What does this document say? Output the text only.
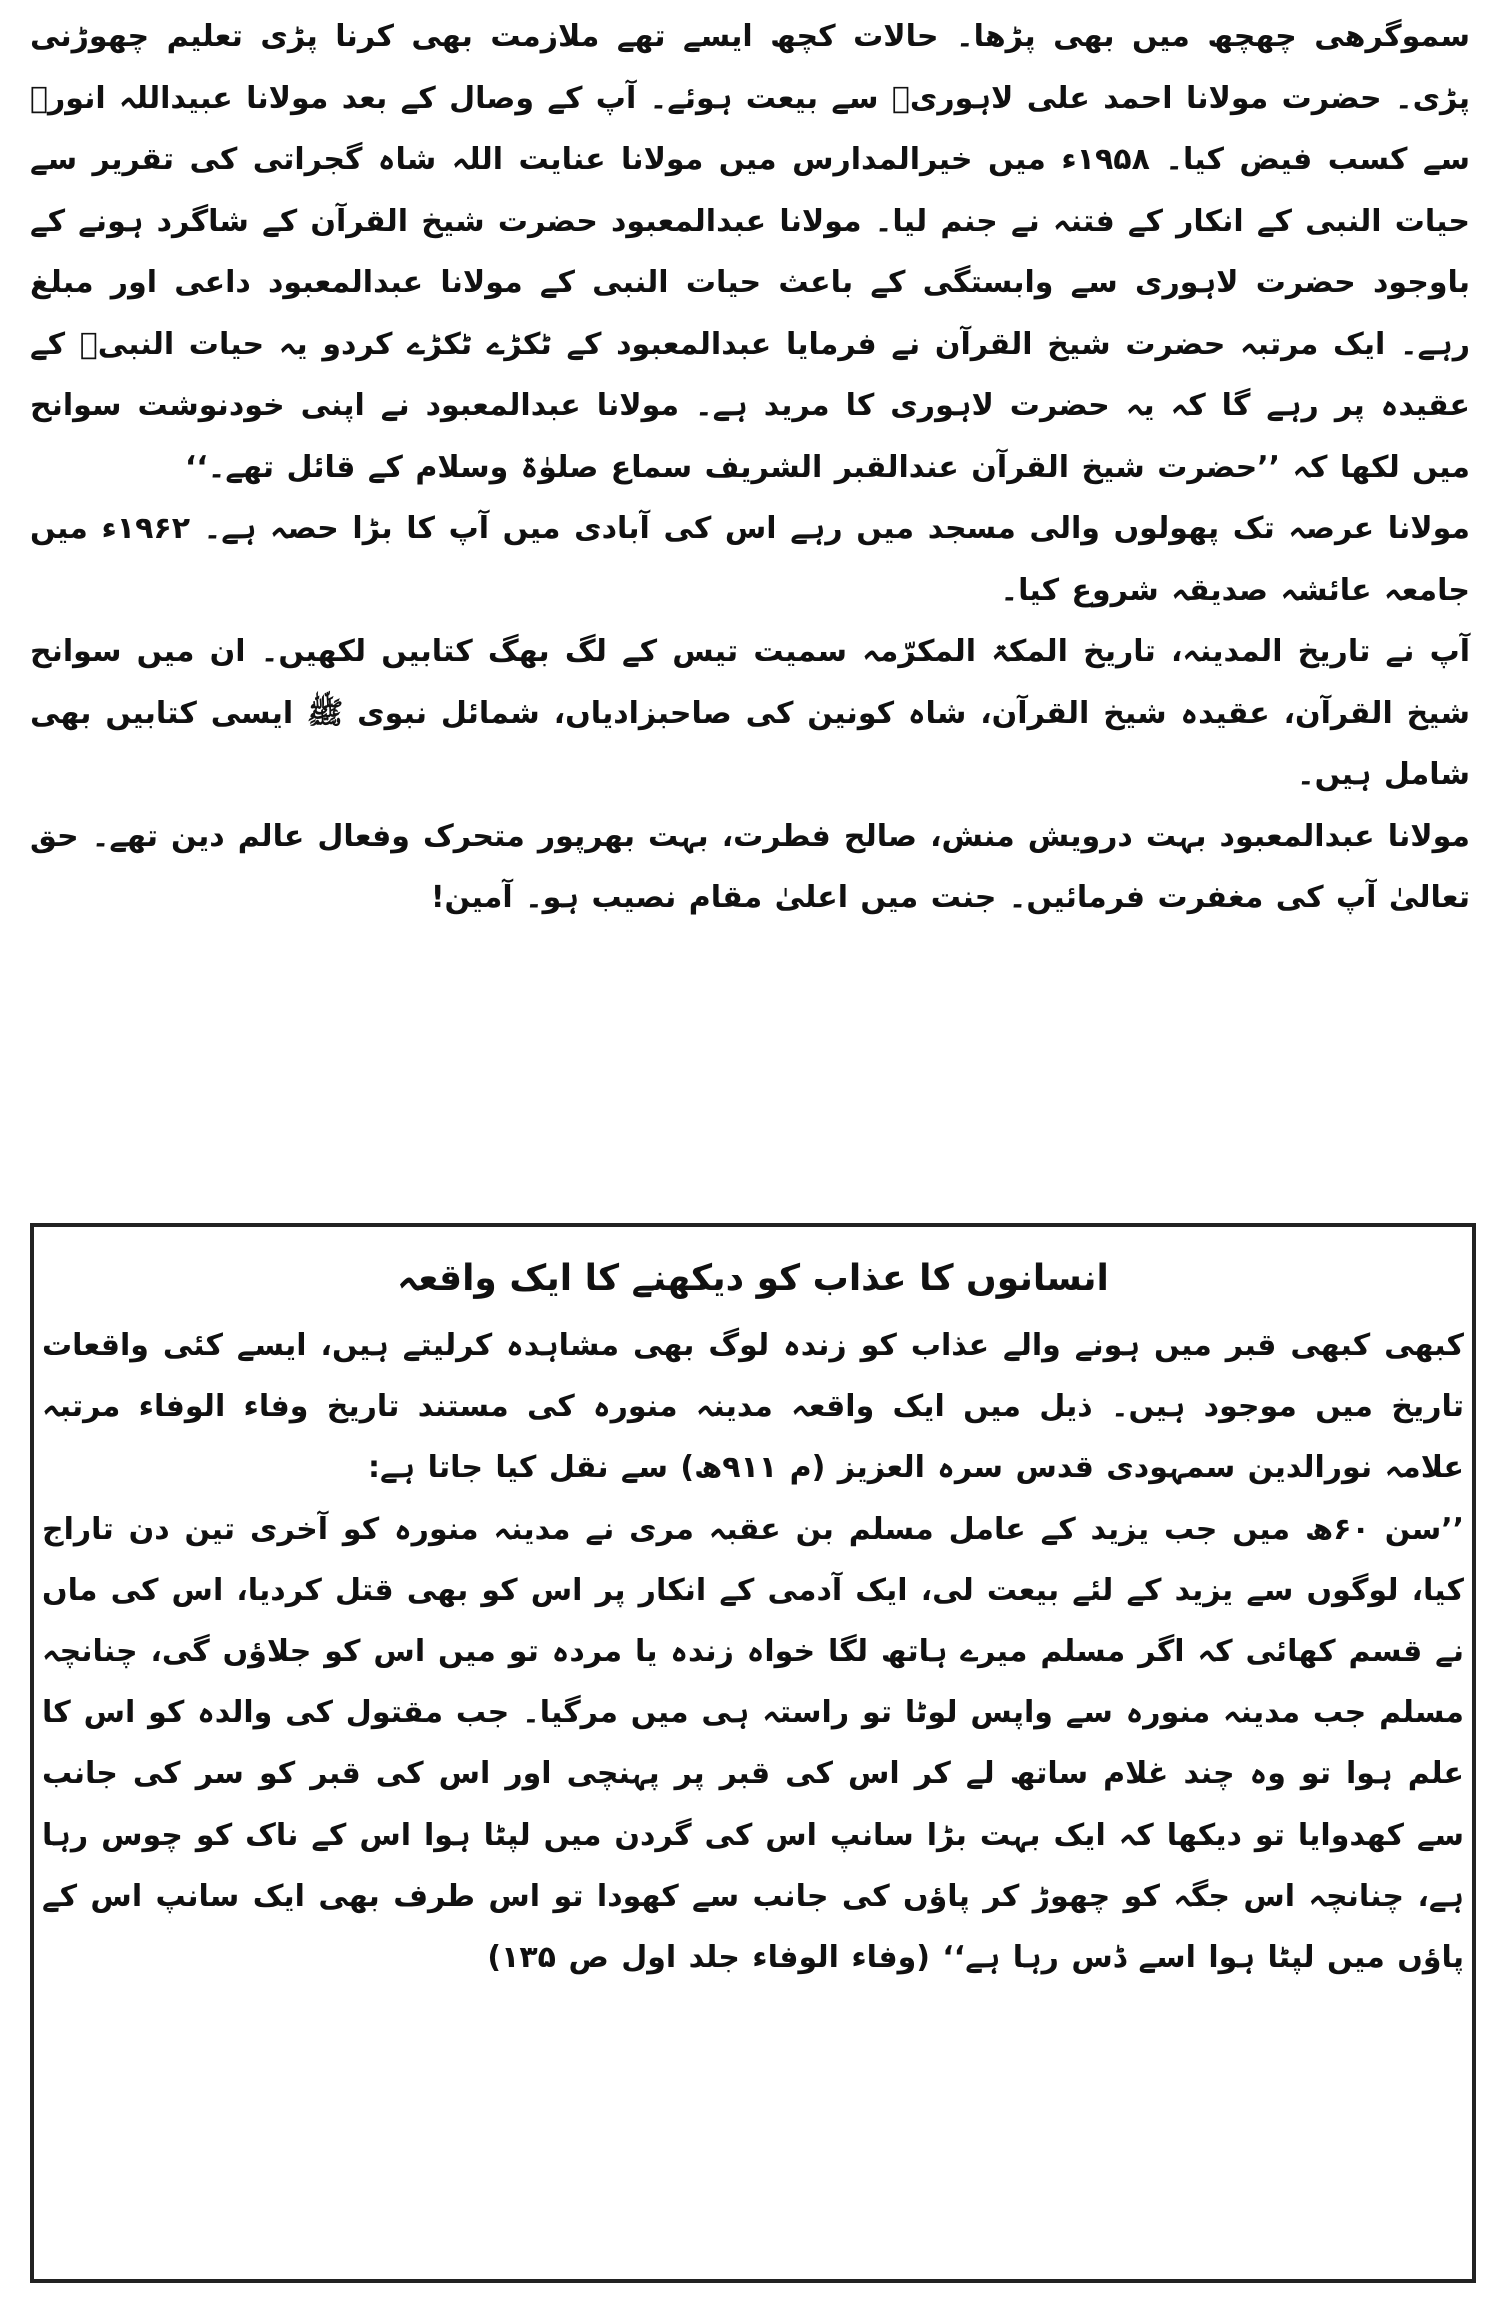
سموگرھی چھچھ میں بھی پڑھا۔ حالات کچھ ایسے تھے ملازمت بھی کرنا پڑی تعلیم چھوڑنی پڑی۔ حضرت مولانا احمد علی لاہوریؒ سے بیعت ہوئے۔ آپ کے وصال کے بعد مولانا عبیداللہ انورؒ سے کسب فیض کیا۔ ۱۹۵۸ء میں خیرالمدارس میں مولانا عنایت اللہ شاہ گجراتی کی تقریر سے حیات النبی کے انکار کے فتنہ نے جنم لیا۔ مولانا عبدالمعبود حضرت شیخ القرآن کے شاگرد ہونے کے باوجود حضرت لاہوری سے وابستگی کے باعث حیات النبی کے مولانا عبدالمعبود داعی اور مبلغ رہے۔ ایک مرتبہ حضرت شیخ القرآن نے فرمایا عبدالمعبود کے ٹکڑے ٹکڑے کردو یہ حیات النبیؐ کے عقیدہ پر رہے گا کہ یہ حضرت لاہوری کا مرید ہے۔ مولانا عبدالمعبود نے اپنی خودنوشت سوانح میں لکھا کہ ’’حضرت شیخ القرآن عندالقبر الشریف سماع صلوٰۃ وسلام کے قائل تھے۔‘‘

مولانا عرصہ تک پھولوں والی مسجد میں رہے اس کی آبادی میں آپ کا بڑا حصہ ہے۔ ۱۹۶۲ء میں جامعہ عائشہ صدیقہ شروع کیا۔

آپ نے تاریخ المدینہ، تاریخ المکۃ المکرّمہ سمیت تیس کے لگ بھگ کتابیں لکھیں۔ ان میں سوانح شیخ القرآن، عقیدہ شیخ القرآن، شاہ کونین کی صاحبزادیاں، شمائل نبوی ﷺ ایسی کتابیں بھی شامل ہیں۔

مولانا عبدالمعبود بہت درویش منش، صالح فطرت، بہت بھرپور متحرک وفعال عالم دین تھے۔ حق تعالیٰ آپ کی مغفرت فرمائیں۔ جنت میں اعلیٰ مقام نصیب ہو۔ آمین!

انسانوں کا عذاب کو دیکھنے کا ایک واقعہ

کبھی کبھی قبر میں ہونے والے عذاب کو زندہ لوگ بھی مشاہدہ کرلیتے ہیں، ایسے کئی واقعات تاریخ میں موجود ہیں۔ ذیل میں ایک واقعہ مدینہ منورہ کی مستند تاریخ وفاء الوفاء مرتبہ علامہ نورالدین سمہودی قدس سرہ العزیز (م ۹۱۱ھ) سے نقل کیا جاتا ہے:

’’سن ۶۰ھ میں جب یزید کے عامل مسلم بن عقبہ مری نے مدینہ منورہ کو آخری تین دن تاراج کیا، لوگوں سے یزید کے لئے بیعت لی، ایک آدمی کے انکار پر اس کو بھی قتل کردیا، اس کی ماں نے قسم کھائی کہ اگر مسلم میرے ہاتھ لگا خواہ زندہ یا مردہ تو میں اس کو جلاؤں گی، چنانچہ مسلم جب مدینہ منورہ سے واپس لوٹا تو راستہ ہی میں مرگیا۔ جب مقتول کی والدہ کو اس کا علم ہوا تو وہ چند غلام ساتھ لے کر اس کی قبر پر پہنچی اور اس کی قبر کو سر کی جانب سے کھدوایا تو دیکھا کہ ایک بہت بڑا سانپ اس کی گردن میں لپٹا ہوا اس کے ناک کو چوس رہا ہے، چنانچہ اس جگہ کو چھوڑ کر پاؤں کی جانب سے کھودا تو اس طرف بھی ایک سانپ اس کے پاؤں میں لپٹا ہوا اسے ڈس رہا ہے‘‘ (وفاء الوفاء جلد اول ص ۱۳۵)
